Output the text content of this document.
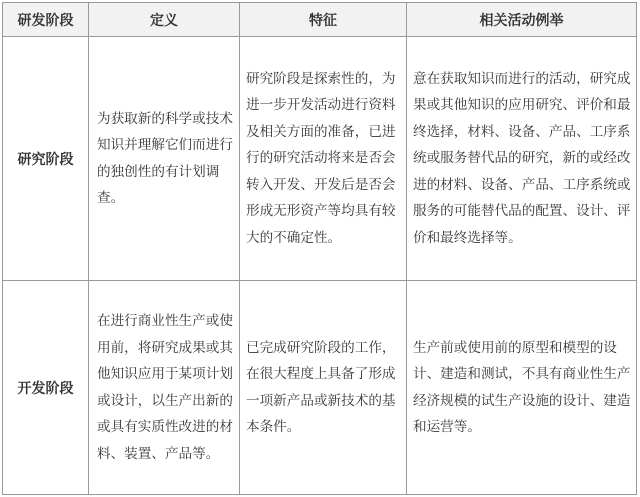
研发阶段	定义	特征	相关活动例举
研究阶段	为获取新的科学或技术知识并理解它们而进行的独创性的有计划调查。	研究阶段是探索性的，为进一步开发活动进行资料及相关方面的准备，已进行的研究活动将来是否会转入开发、开发后是否会形成无形资产等均具有较大的不确定性。	意在获取知识而进行的活动，研究成果或其他知识的应用研究、评价和最终选择，材料、设备、产品、工序系统或服务替代品的研究，新的或经改进的材料、设备、产品、工序系统或服务的可能替代品的配置、设计、评价和最终选择等。
开发阶段	在进行商业性生产或使用前，将研究成果或其他知识应用于某项计划或设计，以生产出新的或具有实质性改进的材料、装置、产品等。	已完成研究阶段的工作，在很大程度上具备了形成一项新产品或新技术的基本条件。	生产前或使用前的原型和模型的设计、建造和测试，不具有商业性生产经济规模的试生产设施的设计、建造和运营等。
